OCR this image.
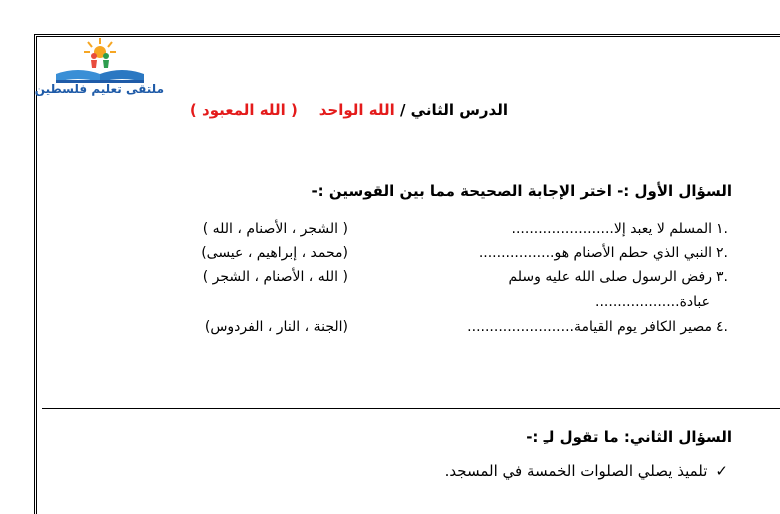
ملتقى تعليم فلسطين
الدرس الثاني / الله الواحد    ( الله المعبود )
السؤال الأول :- اختر الإجابة الصحيحة مما بين القوسين :-
.١المسلم لا يعبد إلا.......................
( الشجر ، الأصنام ، الله )
.٢النبي الذي حطم الأصنام هو.................
(محمد ، إبراهيم ، عيسى)
.٣رفض الرسول صلى الله عليه وسلم
( الله ، الأصنام ، الشجر )
عبادة...................
.٤مصير الكافر يوم القيامة........................
(الجنة ، النار ، الفردوس)
السؤال الثاني: ما تقول لـِ :-
✓تلميذ يصلي الصلوات الخمسة في المسجد.
